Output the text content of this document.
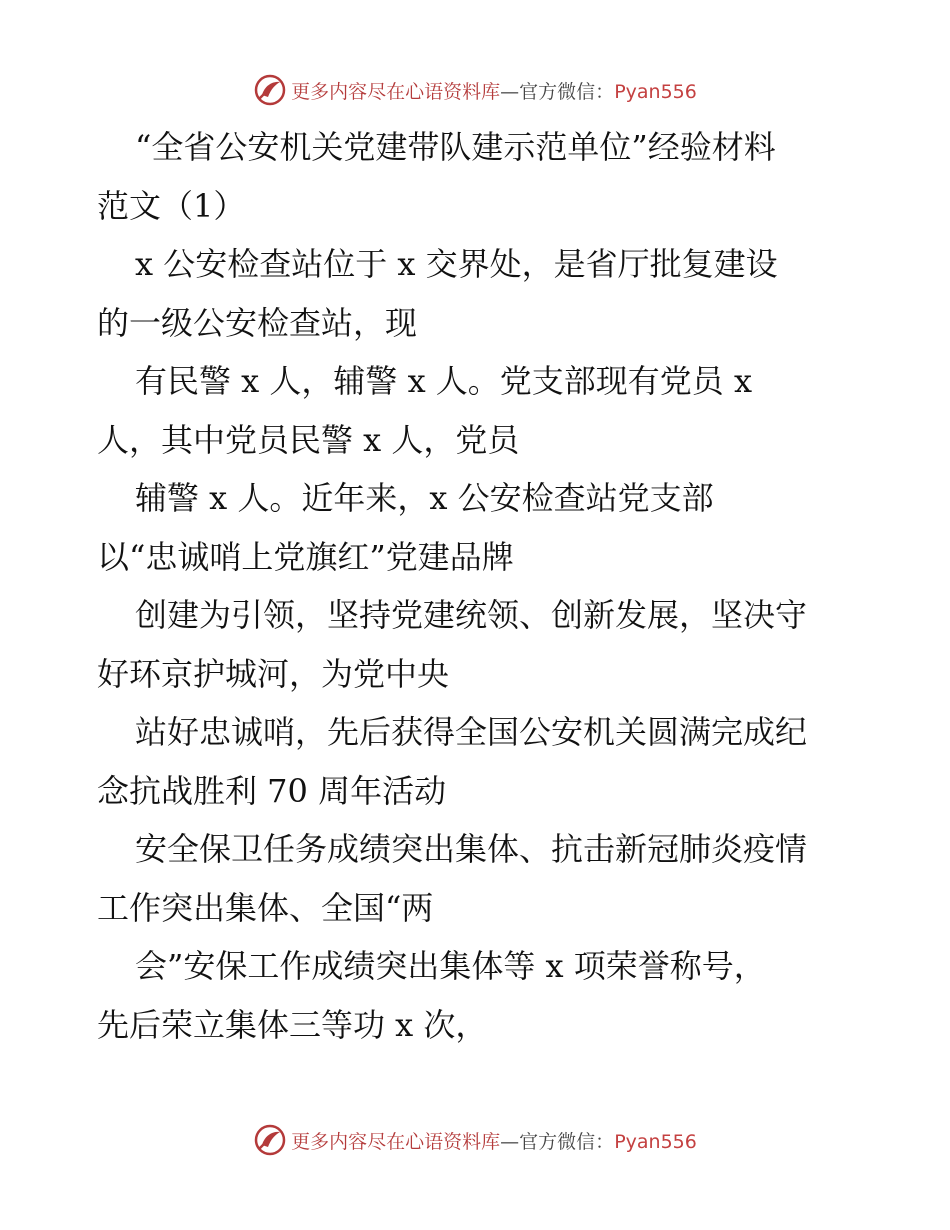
更多内容尽在心语资料库—官方微信：Pyan556
“全省公安机关党建带队建示范单位”经验材料
范文（1）
x 公安检查站位于 x 交界处，是省厅批复建设
的一级公安检查站，现
有民警 x 人，辅警 x 人。党支部现有党员 x
人，其中党员民警 x 人，党员
辅警 x 人。近年来，x 公安检查站党支部
以“忠诚哨上党旗红”党建品牌
创建为引领，坚持党建统领、创新发展，坚决守
好环京护城河，为党中央
站好忠诚哨，先后获得全国公安机关圆满完成纪
念抗战胜利 70 周年活动
安全保卫任务成绩突出集体、抗击新冠肺炎疫情
工作突出集体、全国“两
会”安保工作成绩突出集体等 x 项荣誉称号，
先后荣立集体三等功 x 次，
更多内容尽在心语资料库—官方微信：Pyan556
